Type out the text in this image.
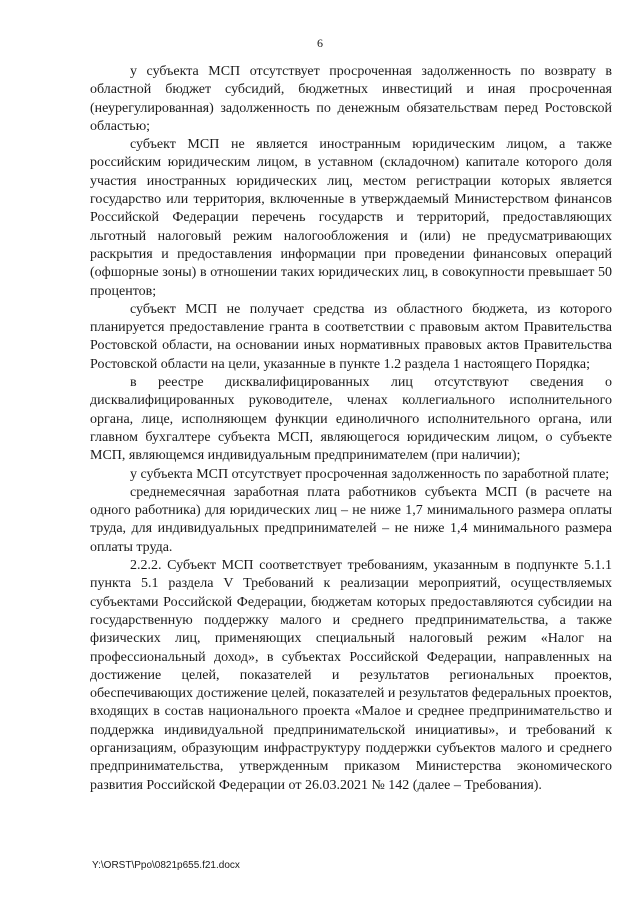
6

у субъекта МСП отсутствует просроченная задолженность по возврату в областной бюджет субсидий, бюджетных инвестиций и иная просроченная (неурегулированная) задолженность по денежным обязательствам перед Ростовской областью;

субъект МСП не является иностранным юридическим лицом, а также российским юридическим лицом, в уставном (складочном) капитале которого доля участия иностранных юридических лиц, местом регистрации которых является государство или территория, включенные в утверждаемый Министерством финансов Российской Федерации перечень государств и территорий, предоставляющих льготный налоговый режим налогообложения и (или) не предусматривающих раскрытия и предоставления информации при проведении финансовых операций (офшорные зоны) в отношении таких юридических лиц, в совокупности превышает 50 процентов;

субъект МСП не получает средства из областного бюджета, из которого планируется предоставление гранта в соответствии с правовым актом Правительства Ростовской области, на основании иных нормативных правовых актов Правительства Ростовской области на цели, указанные в пункте 1.2 раздела 1 настоящего Порядка;

в реестре дисквалифицированных лиц отсутствуют сведения о дисквалифицированных руководителе, членах коллегиального исполнительного органа, лице, исполняющем функции единоличного исполнительного органа, или главном бухгалтере субъекта МСП, являющегося юридическим лицом, о субъекте МСП, являющемся индивидуальным предпринимателем (при наличии);

у субъекта МСП отсутствует просроченная задолженность по заработной плате;

среднемесячная заработная плата работников субъекта МСП (в расчете на одного работника) для юридических лиц – не ниже 1,7 минимального размера оплаты труда, для индивидуальных предпринимателей – не ниже 1,4 минимального размера оплаты труда.

2.2.2. Субъект МСП соответствует требованиям, указанным в подпункте 5.1.1 пункта 5.1 раздела V Требований к реализации мероприятий, осуществляемых субъектами Российской Федерации, бюджетам которых предоставляются субсидии на государственную поддержку малого и среднего предпринимательства, а также физических лиц, применяющих специальный налоговый режим «Налог на профессиональный доход», в субъектах Российской Федерации, направленных на достижение целей, показателей и результатов региональных проектов, обеспечивающих достижение целей, показателей и результатов федеральных проектов, входящих в состав национального проекта «Малое и среднее предпринимательство и поддержка индивидуальной предпринимательской инициативы», и требований к организациям, образующим инфраструктуру поддержки субъектов малого и среднего предпринимательства, утвержденным приказом Министерства экономического развития Российской Федерации от 26.03.2021 № 142 (далее – Требования).

Y:\ORST\Ppo\0821p655.f21.docx
